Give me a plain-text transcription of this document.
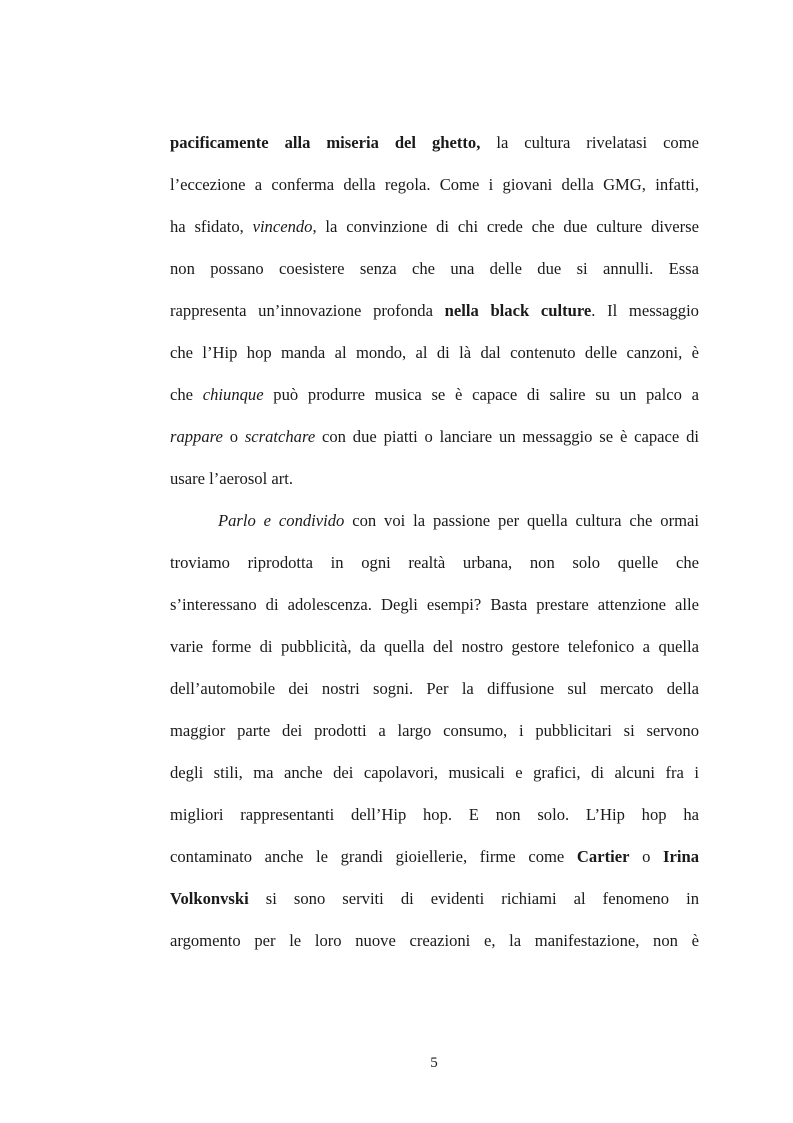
pacificamente alla miseria del ghetto, la cultura rivelatasi come
l’eccezione a conferma della regola. Come i giovani della GMG, infatti,
ha sfidato, vincendo, la convinzione di chi crede che due culture diverse
non possano coesistere senza che una delle due si annulli. Essa
rappresenta un’innovazione profonda nella black culture. Il messaggio
che l’Hip hop manda al mondo, al di là dal contenuto delle canzoni, è
che chiunque può produrre musica se è capace di salire su un palco a
rappare o scratchare con due piatti o lanciare un messaggio se è capace di
usare l’aerosol art.
Parlo e condivido con voi la passione per quella cultura che ormai
troviamo riprodotta in ogni realtà urbana, non solo quelle che
s’interessano di adolescenza. Degli esempi? Basta prestare attenzione alle
varie forme di pubblicità, da quella del nostro gestore telefonico a quella
dell’automobile dei nostri sogni. Per la diffusione sul mercato della
maggior parte dei prodotti a largo consumo, i pubblicitari si servono
degli stili, ma anche dei capolavori, musicali e grafici, di alcuni fra i
migliori rappresentanti dell’Hip hop. E non solo. L’Hip hop ha
contaminato anche le grandi gioiellerie, firme come Cartier o Irina
Volkonvski si sono serviti di evidenti richiami al fenomeno in
argomento per le loro nuove creazioni e, la manifestazione, non è
5
